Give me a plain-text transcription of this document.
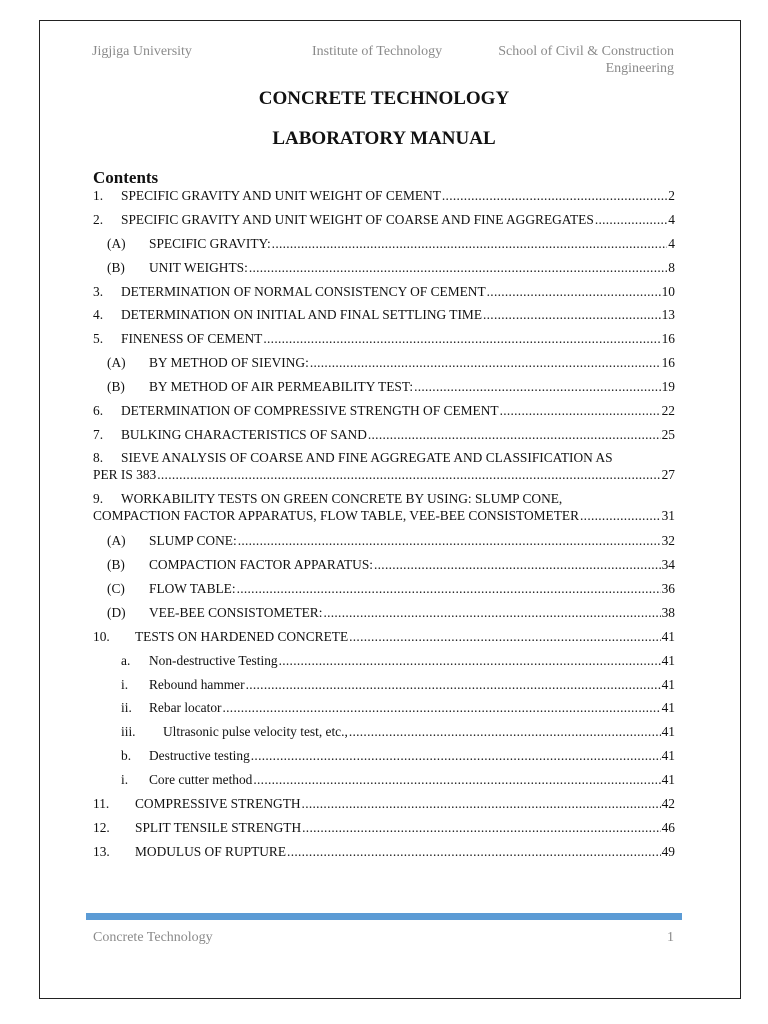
Jigjiga University	Institute of Technology	School of Civil & Construction Engineering
CONCRETE TECHNOLOGY
LABORATORY MANUAL
Contents
1.	SPECIFIC GRAVITY AND UNIT WEIGHT OF CEMENT .....	2
2.	SPECIFIC GRAVITY AND UNIT WEIGHT OF COARSE AND FINE AGGREGATES .....	4
(A)	SPECIFIC GRAVITY: .....	4
(B)	UNIT WEIGHTS: .....	8
3.	DETERMINATION OF NORMAL CONSISTENCY OF CEMENT .....	10
4.	DETERMINATION ON INITIAL AND FINAL SETTLING TIME .....	13
5.	FINENESS OF CEMENT .....	16
(A)	BY METHOD OF SIEVING: .....	16
(B)	BY METHOD OF AIR PERMEABILITY TEST: .....	19
6.	DETERMINATION OF COMPRESSIVE STRENGTH OF CEMENT .....	22
7.	BULKING CHARACTERISTICS OF SAND .....	25
8. SIEVE ANALYSIS OF COARSE AND FINE AGGREGATE AND CLASSIFICATION AS
PER IS 383 .....	27
9. WORKABILITY TESTS ON GREEN CONCRETE BY USING: SLUMP CONE,
COMPACTION FACTOR APPARATUS, FLOW TABLE, VEE-BEE CONSISTOMETER .....	31
(A)	SLUMP CONE: .....	32
(B)	COMPACTION FACTOR APPARATUS: .....	34
(C)	FLOW TABLE: .....	36
(D)	VEE-BEE CONSISTOMETER: .....	38
10.	TESTS ON HARDENED CONCRETE .....	41
a.	Non-destructive Testing .....	41
i.	Rebound hammer .....	41
ii.	Rebar locator .....	41
iii.	Ultrasonic pulse velocity test, etc., .....	41
b.	Destructive testing .....	41
i.	Core cutter method .....	41
11.	COMPRESSIVE STRENGTH .....	42
12.	SPLIT TENSILE STRENGTH .....	46
13.	MODULUS OF RUPTURE .....	49
Concrete Technology	1
